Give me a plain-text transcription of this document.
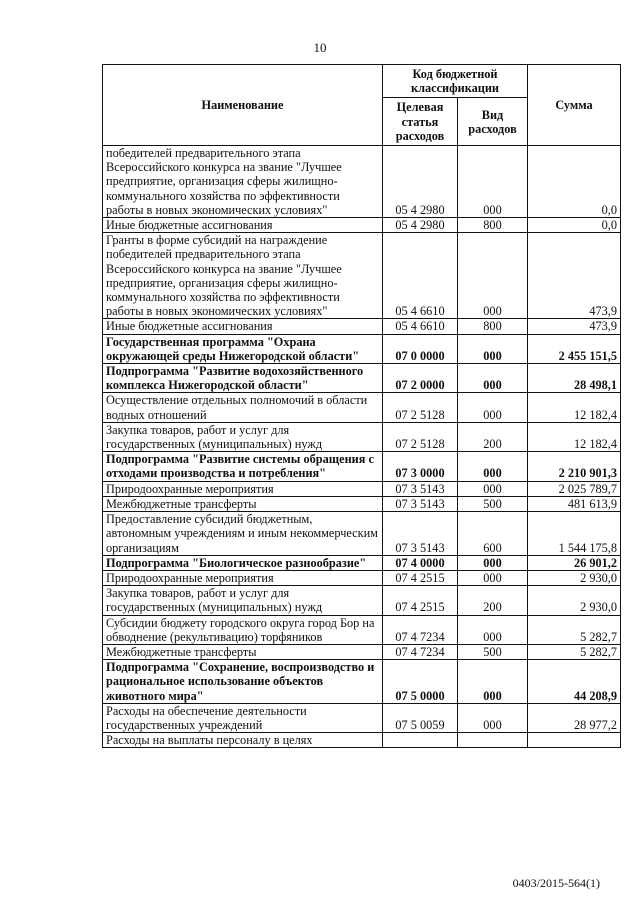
10
Наименование	Код бюджетной классификации		Сумма
	Целевая статья расходов	Вид расходов	
победителей предварительного этапа Всероссийского конкурса на звание "Лучшее предприятие, организация сферы жилищно-коммунального хозяйства по эффективности работы в новых экономических условиях"	05 4 2980	000	0,0
Иные бюджетные ассигнования	05 4 2980	800	0,0
Гранты в форме субсидий на награждение победителей предварительного этапа Всероссийского конкурса на звание "Лучшее предприятие, организация сферы жилищно-коммунального хозяйства по эффективности работы в новых экономических условиях"	05 4 6610	000	473,9
Иные бюджетные ассигнования	05 4 6610	800	473,9
Государственная программа "Охрана окружающей среды Нижегородской области"	07 0 0000	000	2 455 151,5
Подпрограмма "Развитие водохозяйственного комплекса Нижегородской области"	07 2 0000	000	28 498,1
Осуществление отдельных полномочий в области водных отношений	07 2 5128	000	12 182,4
Закупка товаров, работ и услуг для государственных (муниципальных) нужд	07 2 5128	200	12 182,4
Подпрограмма "Развитие системы обращения с отходами производства и потребления"	07 3 0000	000	2 210 901,3
Природоохранные мероприятия	07 3 5143	000	2 025 789,7
Межбюджетные трансферты	07 3 5143	500	481 613,9
Предоставление субсидий бюджетным, автономным учреждениям и иным некоммерческим организациям	07 3 5143	600	1 544 175,8
Подпрограмма "Биологическое разнообразие"	07 4 0000	000	26 901,2
Природоохранные мероприятия	07 4 2515	000	2 930,0
Закупка товаров, работ и услуг для государственных (муниципальных) нужд	07 4 2515	200	2 930,0
Субсидии бюджету городского округа город Бор на обводнение (рекультивацию) торфяников	07 4 7234	000	5 282,7
Межбюджетные трансферты	07 4 7234	500	5 282,7
Подпрограмма "Сохранение, воспроизводство и рациональное использование объектов животного мира"	07 5 0000	000	44 208,9
Расходы на обеспечение деятельности государственных учреждений	07 5 0059	000	28 977,2
Расходы на выплаты персоналу в целях			
0403/2015-564(1)
